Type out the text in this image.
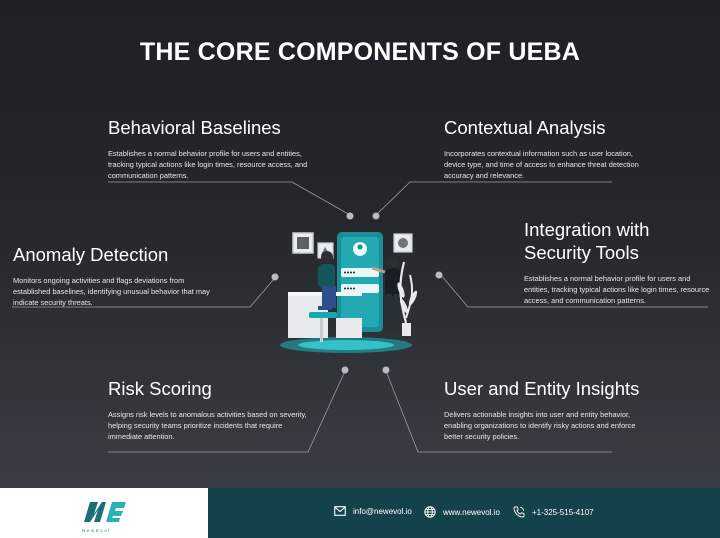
THE CORE COMPONENTS OF UEBA
Behavioral Baselines

Establishes a normal behavior profile for users and entities, tracking typical actions like login times, resource access, and communication patterns.

Contextual Analysis

Incorporates contextual information such as user location, device type, and time of access to enhance threat detection accuracy and relevance.

Anomaly Detection

Monitors ongoing activities and flags deviations from established baselines, identifying unusual behavior that may indicate security threats.

Integration with
Security Tools

Establishes a normal behavior profile for users and entities, tracking typical actions like login times, resource access, and communication patterns.

Risk Scoring

Assigns risk levels to anomalous activities based on severity, helping security teams prioritize incidents that require immediate attention.

User and Entity Insights

Delivers actionable insights into user and entity behavior, enabling organizations to identify risky actions and enforce better security policies.

NewEvol
info@newevol.io	www.newevol.io	+1-325-515-4107
